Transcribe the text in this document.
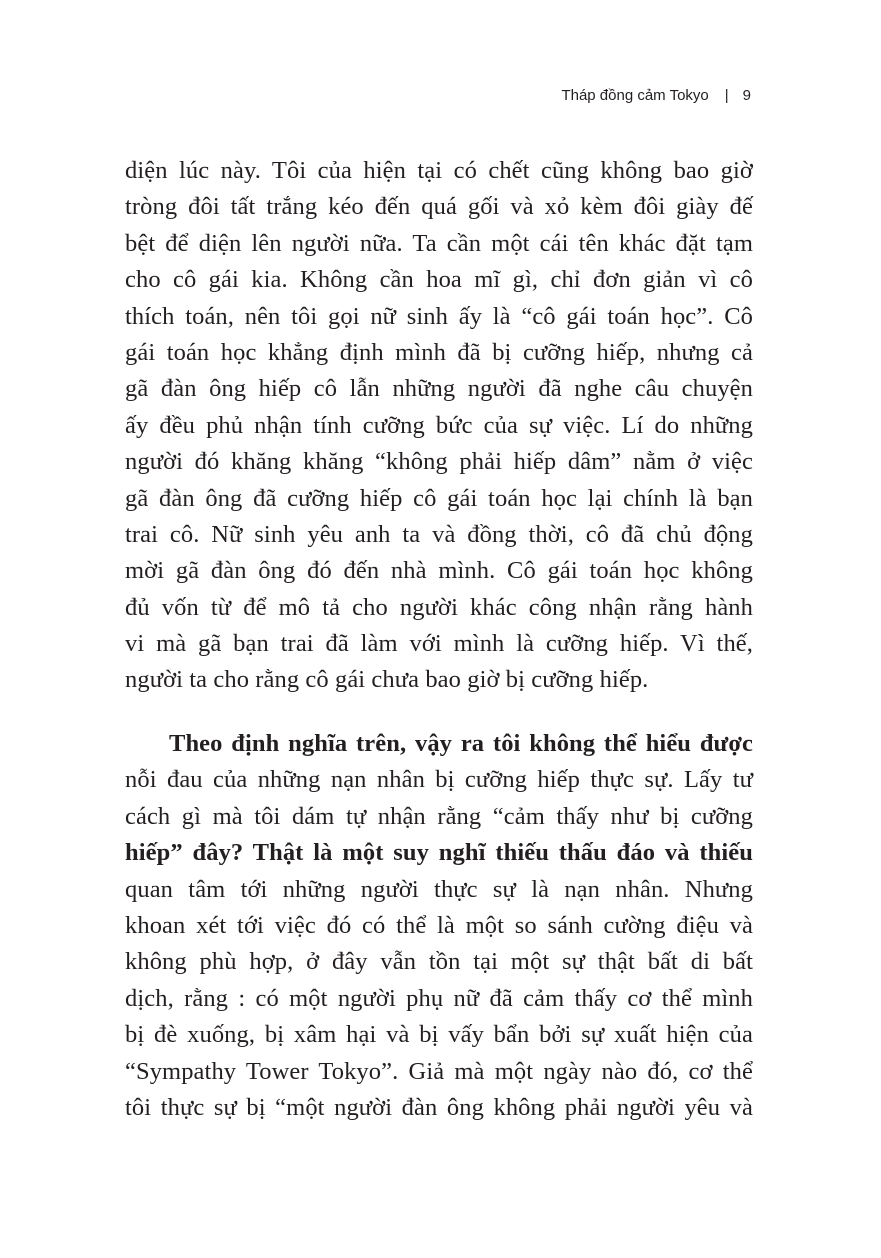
Tháp đồng cảm Tokyo | 9
diện lúc này. Tôi của hiện tại có chết cũng không bao giờ
tròng đôi tất trắng kéo đến quá gối và xỏ kèm đôi giày đế
bệt để diện lên người nữa. Ta cần một cái tên khác đặt tạm
cho cô gái kia. Không cần hoa mĩ gì, chỉ đơn giản vì cô
thích toán, nên tôi gọi nữ sinh ấy là “cô gái toán học”. Cô
gái toán học khẳng định mình đã bị cưỡng hiếp, nhưng cả
gã đàn ông hiếp cô lẫn những người đã nghe câu chuyện
ấy đều phủ nhận tính cưỡng bức của sự việc. Lí do những
người đó khăng khăng “không phải hiếp dâm” nằm ở việc
gã đàn ông đã cưỡng hiếp cô gái toán học lại chính là bạn
trai cô. Nữ sinh yêu anh ta và đồng thời, cô đã chủ động
mời gã đàn ông đó đến nhà mình. Cô gái toán học không
đủ vốn từ để mô tả cho người khác công nhận rằng hành
vi mà gã bạn trai đã làm với mình là cưỡng hiếp. Vì thế,
người ta cho rằng cô gái chưa bao giờ bị cưỡng hiếp.
Theo định nghĩa trên, vậy ra tôi không thể hiểu được
nỗi đau của những nạn nhân bị cưỡng hiếp thực sự. Lấy tư
cách gì mà tôi dám tự nhận rằng “cảm thấy như bị cưỡng
hiếp” đây? Thật là một suy nghĩ thiếu thấu đáo và thiếu
quan tâm tới những người thực sự là nạn nhân. Nhưng
khoan xét tới việc đó có thể là một so sánh cường điệu và
không phù hợp, ở đây vẫn tồn tại một sự thật bất di bất
dịch, rằng : có một người phụ nữ đã cảm thấy cơ thể mình
bị đè xuống, bị xâm hại và bị vấy bẩn bởi sự xuất hiện của
“Sympathy Tower Tokyo”. Giả mà một ngày nào đó, cơ thể
tôi thực sự bị “một người đàn ông không phải người yêu và
